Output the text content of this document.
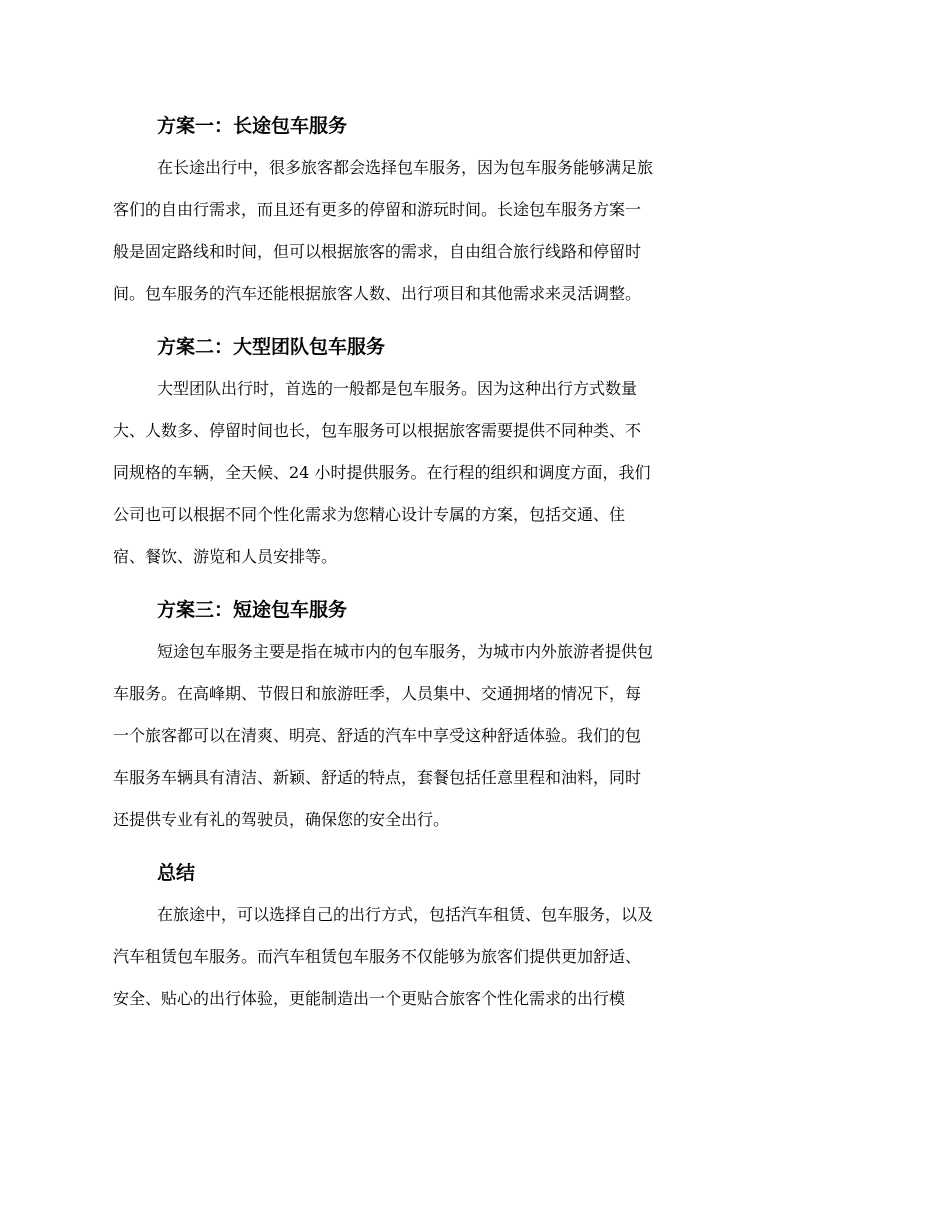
方案一：长途包车服务

在长途出行中，很多旅客都会选择包车服务，因为包车服务能够满足旅
客们的自由行需求，而且还有更多的停留和游玩时间。长途包车服务方案一
般是固定路线和时间，但可以根据旅客的需求，自由组合旅行线路和停留时
间。包车服务的汽车还能根据旅客人数、出行项目和其他需求来灵活调整。

方案二：大型团队包车服务

大型团队出行时，首选的一般都是包车服务。因为这种出行方式数量
大、人数多、停留时间也长，包车服务可以根据旅客需要提供不同种类、不
同规格的车辆，全天候、24 小时提供服务。在行程的组织和调度方面，我们
公司也可以根据不同个性化需求为您精心设计专属的方案，包括交通、住
宿、餐饮、游览和人员安排等。

方案三：短途包车服务

短途包车服务主要是指在城市内的包车服务，为城市内外旅游者提供包
车服务。在高峰期、节假日和旅游旺季，人员集中、交通拥堵的情况下，每
一个旅客都可以在清爽、明亮、舒适的汽车中享受这种舒适体验。我们的包
车服务车辆具有清洁、新颖、舒适的特点，套餐包括任意里程和油料，同时
还提供专业有礼的驾驶员，确保您的安全出行。

总结

在旅途中，可以选择自己的出行方式，包括汽车租赁、包车服务，以及
汽车租赁包车服务。而汽车租赁包车服务不仅能够为旅客们提供更加舒适、
安全、贴心的出行体验，更能制造出一个更贴合旅客个性化需求的出行模
